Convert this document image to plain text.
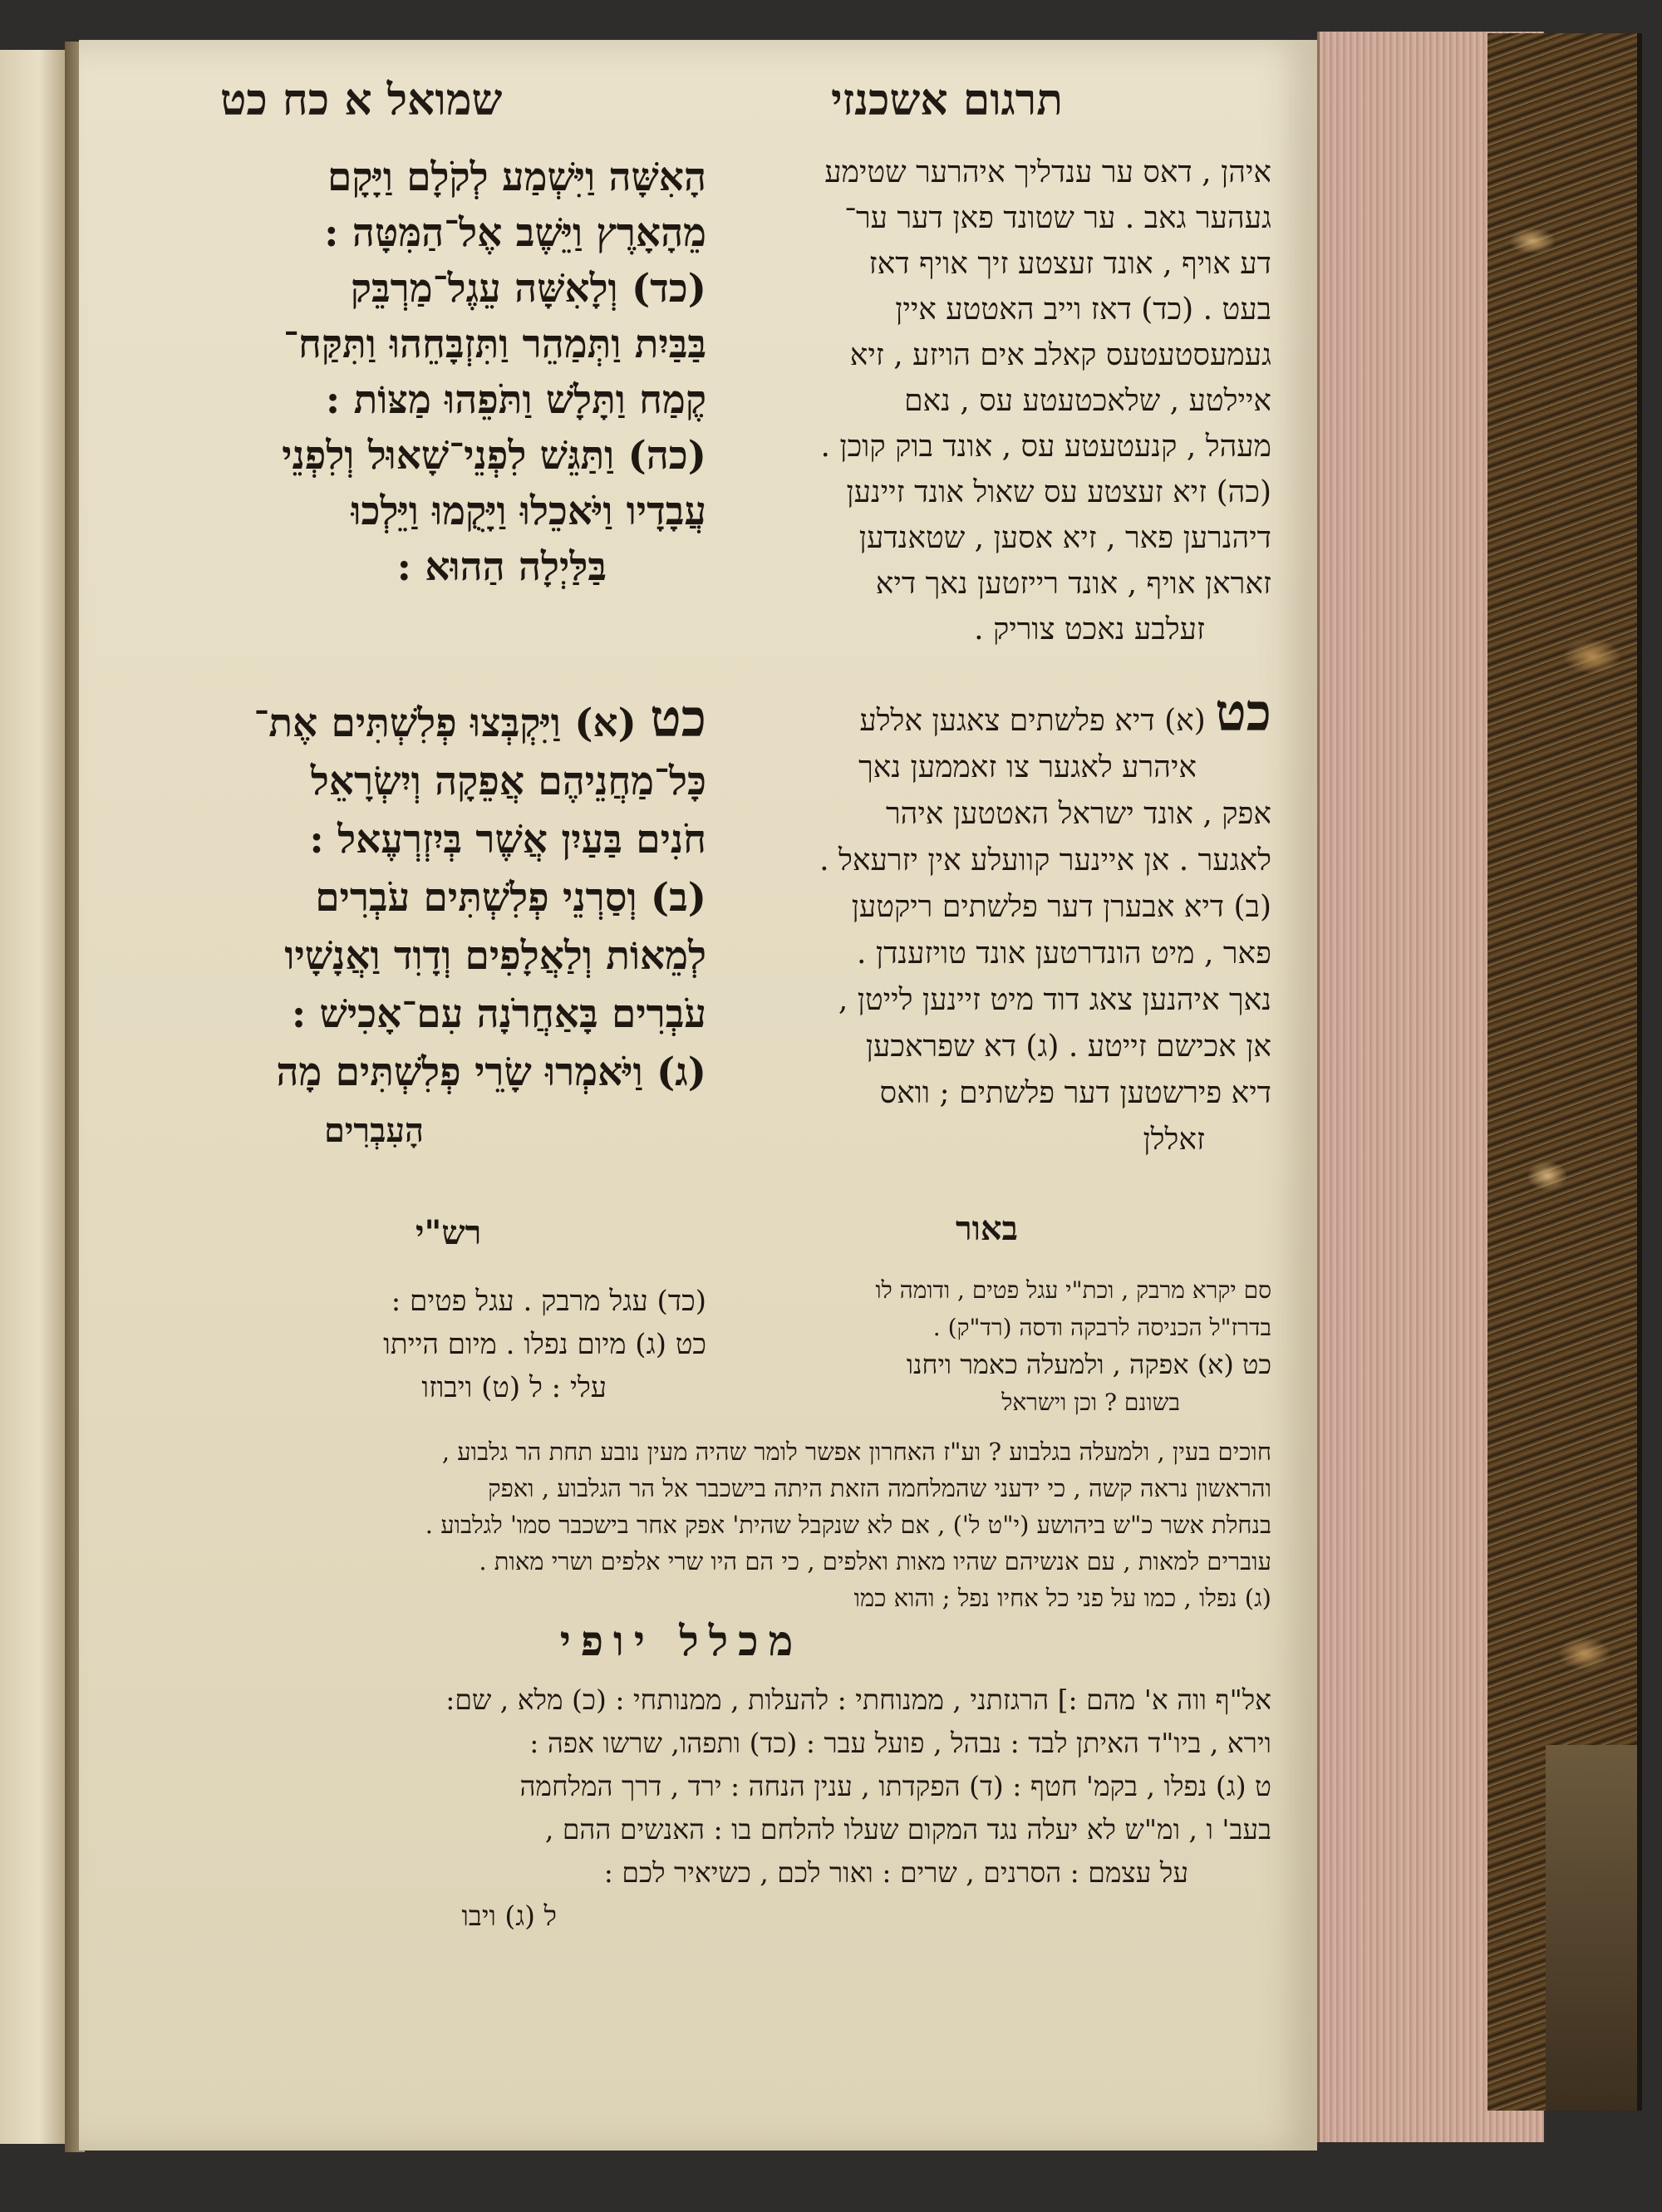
תרגום אשכנזי
שמואל א כח כט
הָאִשָּׁה וַיִּשְׁמַע לְקֹלָם וַיָּקָם
מֵהָאָרֶץ וַיֵּשֶׁב אֶל־הַמִּטָּה :
(כד) וְלָאִשָּׁה עֵגֶל־מַרְבֵּק
בַּבַּיִת וַתְּמַהֵר וַתִּזְבָּחֵהוּ וַתִּקַּח־
קֶמַח וַתָּלָשׁ וַתֹּפֵהוּ מַצּוֹת :
(כה) וַתַּגֵּשׁ לִפְנֵי־שָׁאוּל וְלִפְנֵי
עֲבָדָיו וַיֹּאכֵלוּ וַיָּקֻמוּ וַיֵּלְכוּ
בַּלַּיְלָה הַהוּא :
איהן , דאס ער ענדליך איהרער שטימע
געהער גאב . ער שטונד פאן דער ער־
דע אויף , אונד זעצטע זיך אויף דאז
בעט . (כד) דאז וייב האטטע איין
געמעסטעטעס קאלב אים הויזע , זיא
איילטע , שלאכטעטע עס , נאם
מעהל , קנעטעטע עס , אונד בוק קוכן .
(כה) זיא זעצטע עס שאול אונד זיינען
דיהנרען פאר , זיא אסען , שטאנדען
זאראן אויף , אונד רייזטען נאך דיא
זעלבע נאכט צוריק .
כט (א) וַיִּקְבְּצוּ פְלִשְׁתִּים אֶת־
כָּל־מַחֲנֵיהֶם אֲפֵקָה וְיִשְׂרָאֵל
חֹנִים בַּעַיִן אֲשֶׁר בְּיִזְרְעֶאל :
(ב) וְסַרְנֵי פְלִשְׁתִּים עֹבְרִים
לְמֵאוֹת וְלַאֲלָפִים וְדָוִד וַאֲנָשָׁיו
עֹבְרִים בָּאַחֲרֹנָה עִם־אָכִישׁ :
(ג) וַיֹּאמְרוּ שָׂרֵי פְלִשְׁתִּים מָה
הָעִבְרִים
כט (א) דיא פלשתים צאגען אללע
איהרע לאגער צו זאממען נאך
אפק , אונד ישראל האטטען איהר
לאגער . אן איינער קוועלע אין יזרעאל .
(ב) דיא אבערן דער פלשתים ריקטען
פאר , מיט הונדרטען אונד טויזענדן .
נאך איהנען צאג דוד מיט זיינען לייטן ,
אן אכישם זייטע . (ג) דא שפראכען
דיא פירשטען דער פלשתים ; וואס
זאללן
באור
רש"י
סם יקרא מרבק , וכת"י עגל פטים , ודומה לו
בדרז"ל הכניסה לרבקה ודסה (רד"ק) .
כט (א) אפקה , ולמעלה כאמר ויחנו
בשונם ? וכן וישראל
(כד) עגל מרבק . עגל פטים :
כט (ג) מיום נפלו . מיום הייתו
עלי : ל (ט) ויבוזו
חוכים בעין , ולמעלה בגלבוע ? וע"ז האחרון אפשר לומר שהיה מעין נובע תחת הר גלבוע ,
והראשון נראה קשה , כי ידעני שהמלחמה הזאת היתה בישכבר אל הר הגלבוע , ואפק
בנחלת אשר כ"ש ביהושע (י"ט ל') , אם לא שנקבל שהית' אפק אחר בישכבר סמו' לגלבוע .
עוברים למאות , עם אנשיהם שהיו מאות ואלפים , כי הם היו שרי אלפים ושרי מאות .
(ג) נפלו , כמו על פני כל אחיו נפל ; והוא כמו
מכלל יופי
אל"ף ווה א' מהם :] הרגזתני , ממנוחתי : להעלות , ממנותחי : (כ) מלא , שם:
וירא , ביו"ד האיתן לבד : נבהל , פועל עבר : (כד) ותפהו, שרשו אפה :
ט (ג) נפלו , בקמ' חטף : (ד) הפקדתו , ענין הנחה : ירד , דרך המלחמה
בעב' ו , ומ"ש לא יעלה נגד המקום שעלו להלחם בו : האנשים ההם ,
על עצמם : הסרנים , שרים : ואור לכם , כשיאיר לכם :
ל (ג) ויבו
